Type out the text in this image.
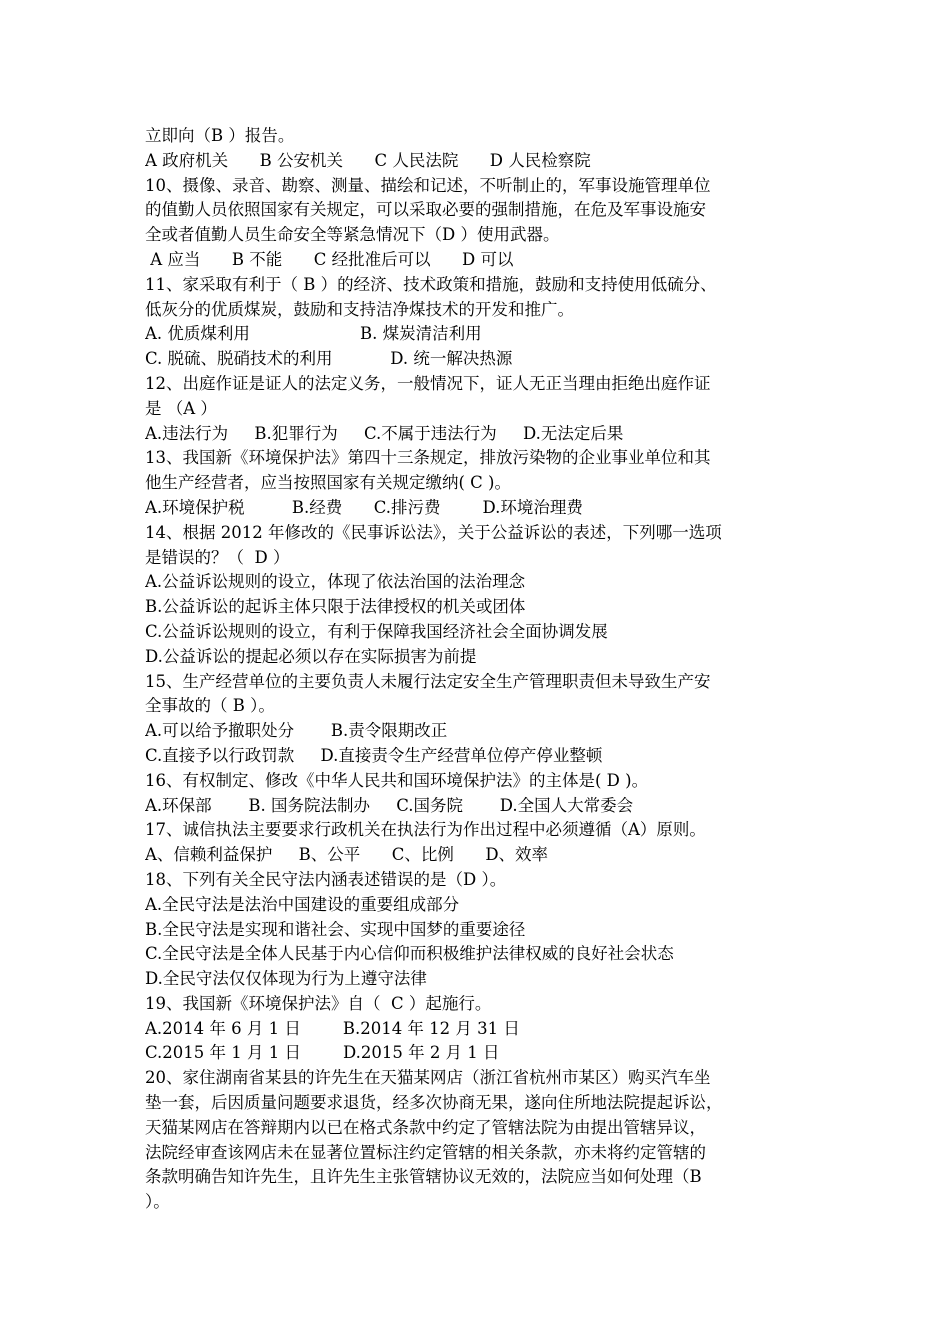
立即向（B ）报告。
A 政府机关      B 公安机关      C 人民法院      D 人民检察院
10、摄像、录音、勘察、测量、描绘和记述，不听制止的，军事设施管理单位
的值勤人员依照国家有关规定，可以采取必要的强制措施，在危及军事设施安
全或者值勤人员生命安全等紧急情况下（D ）使用武器。
A 应当      B 不能      C 经批准后可以      D 可以
11、家采取有利于（ B ）的经济、技术政策和措施，鼓励和支持使用低硫分、
低灰分的优质煤炭，鼓励和支持洁净煤技术的开发和推广。
A. 优质煤利用                     B. 煤炭清洁利用
C. 脱硫、脱硝技术的利用           D. 统一解决热源
12、出庭作证是证人的法定义务，一般情况下，证人无正当理由拒绝出庭作证
是 （A ）
A.违法行为     B.犯罪行为     C.不属于违法行为     D.无法定后果
13、我国新《环境保护法》第四十三条规定，排放污染物的企业事业单位和其
他生产经营者，应当按照国家有关规定缴纳( C )。
A.环境保护税         B.经费      C.排污费        D.环境治理费
14、根据 2012 年修改的《民事诉讼法》，关于公益诉讼的表述，下列哪一选项
是错误的？（  D ）
A.公益诉讼规则的设立，体现了依法治国的法治理念
B.公益诉讼的起诉主体只限于法律授权的机关或团体
C.公益诉讼规则的设立，有利于保障我国经济社会全面协调发展
D.公益诉讼的提起必须以存在实际损害为前提
15、生产经营单位的主要负责人未履行法定安全生产管理职责但未导致生产安
全事故的（ B ）。
A.可以给予撤职处分       B.责令限期改正
C.直接予以行政罚款     D.直接责令生产经营单位停产停业整顿
16、有权制定、修改《中华人民共和国环境保护法》的主体是( D )。
A.环保部       B. 国务院法制办     C.国务院       D.全国人大常委会
17、诚信执法主要要求行政机关在执法行为作出过程中必须遵循（A）原则。
A、信赖利益保护     B、公平      C、比例      D、效率
18、下列有关全民守法内涵表述错误的是（D ）。
A.全民守法是法治中国建设的重要组成部分
B.全民守法是实现和谐社会、实现中国梦的重要途径
C.全民守法是全体人民基于内心信仰而积极维护法律权威的良好社会状态
D.全民守法仅仅体现为行为上遵守法律
19、我国新《环境保护法》自（  C ）起施行。
A.2014 年 6 月 1 日        B.2014 年 12 月 31 日
C.2015 年 1 月 1 日        D.2015 年 2 月 1 日
20、家住湖南省某县的许先生在天猫某网店（浙江省杭州市某区）购买汽车坐
垫一套，后因质量问题要求退货，经多次协商无果，遂向住所地法院提起诉讼，
天猫某网店在答辩期内以已在格式条款中约定了管辖法院为由提出管辖异议，
法院经审查该网店未在显著位置标注约定管辖的相关条款，亦未将约定管辖的
条款明确告知许先生，且许先生主张管辖协议无效的，法院应当如何处理（B
）。
